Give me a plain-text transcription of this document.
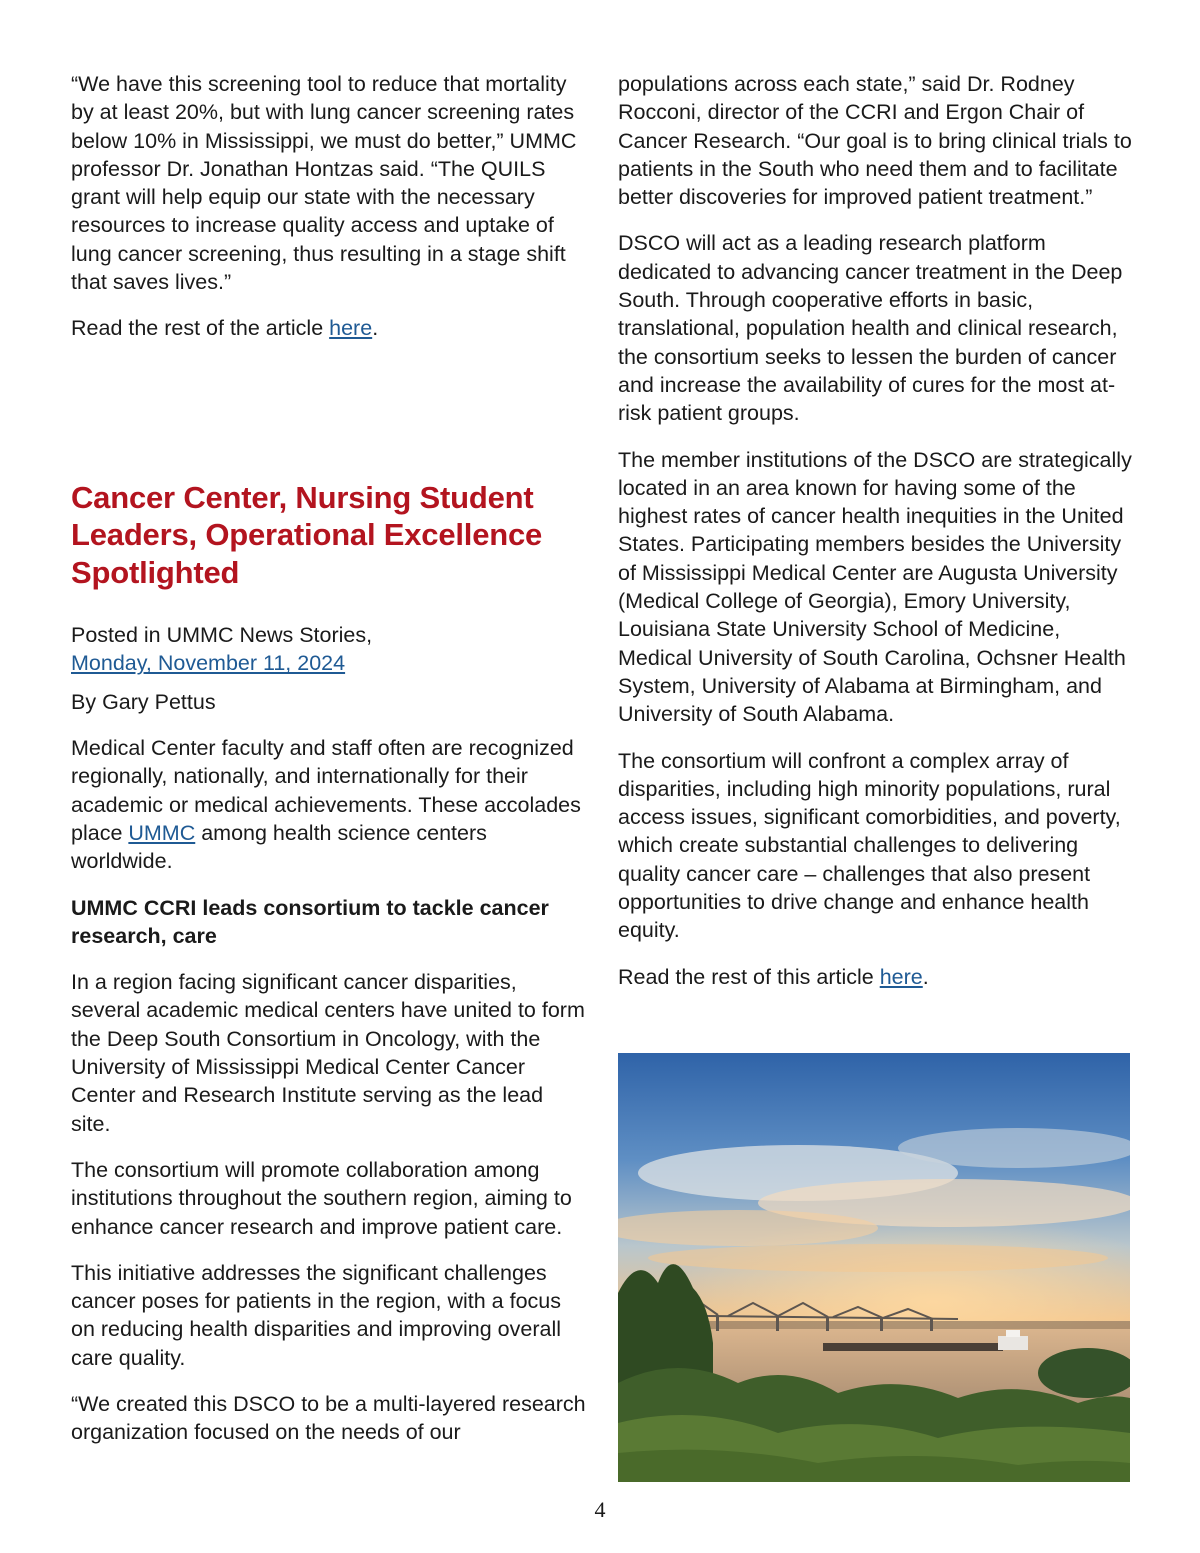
“We have this screening tool to reduce that mortality by at least 20%, but with lung cancer screening rates below 10% in Mississippi, we must do better,” UMMC professor Dr. Jonathan Hontzas said. “The QUILS grant will help equip our state with the necessary resources to increase quality access and uptake of lung cancer screening, thus resulting in a stage shift that saves lives.”

Read the rest of the article here.

Cancer Center, Nursing Student Leaders, Operational Excellence Spotlighted
Posted in UMMC News Stories,
Monday, November 11, 2024

By Gary Pettus

Medical Center faculty and staff often are recognized regionally, nationally, and internationally for their academic or medical achievements. These accolades place UMMC among health science centers worldwide.

UMMC CCRI leads consortium to tackle cancer research, care

In a region facing significant cancer disparities, several academic medical centers have united to form the Deep South Consortium in Oncology, with the University of Mississippi Medical Center Cancer Center and Research Institute serving as the lead site.

The consortium will promote collaboration among institutions throughout the southern region, aiming to enhance cancer research and improve patient care.

This initiative addresses the significant challenges cancer poses for patients in the region, with a focus on reducing health disparities and improving overall care quality.

“We created this DSCO to be a multi-layered research organization focused on the needs of our

populations across each state,” said Dr. Rodney Rocconi, director of the CCRI and Ergon Chair of Cancer Research. “Our goal is to bring clinical trials to patients in the South who need them and to facilitate better discoveries for improved patient treatment.”

DSCO will act as a leading research platform dedicated to advancing cancer treatment in the Deep South. Through cooperative efforts in basic, translational, population health and clinical research, the consortium seeks to lessen the burden of cancer and increase the availability of cures for the most at-risk patient groups.

The member institutions of the DSCO are strategically located in an area known for having some of the highest rates of cancer health inequities in the United States. Participating members besides the University of Mississippi Medical Center are Augusta University (Medical College of Georgia), Emory University, Louisiana State University School of Medicine, Medical University of South Carolina, Ochsner Health System, University of Alabama at Birmingham, and University of South Alabama.

The consortium will confront a complex array of disparities, including high minority populations, rural access issues, significant comorbidities, and poverty, which create substantial challenges to delivering quality cancer care – challenges that also present opportunities to drive change and enhance health equity.

Read the rest of this article here.

4
